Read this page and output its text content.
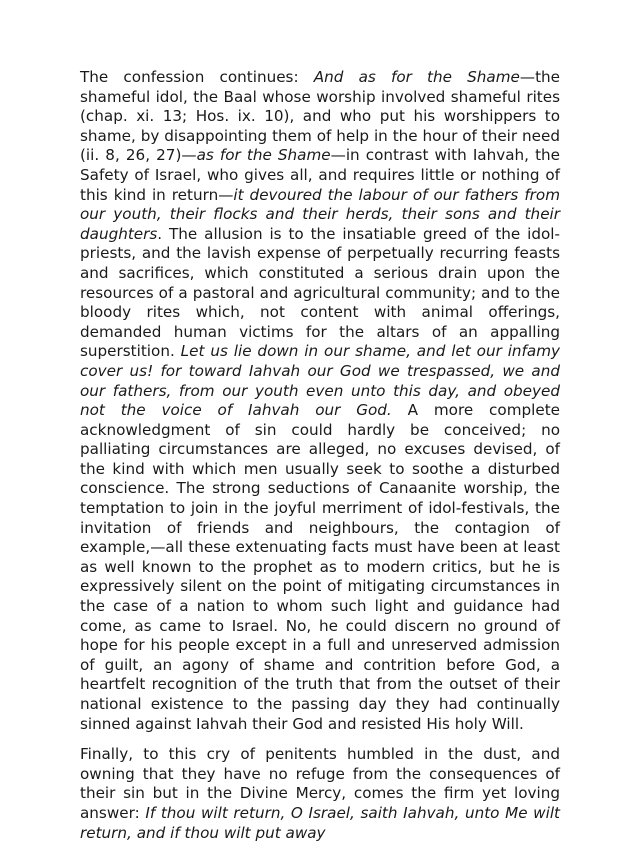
The confession continues: And as for the Shame—the shameful idol, the Baal whose worship involved shameful rites (chap. xi. 13; Hos. ix. 10), and who put his worshippers to shame, by disappointing them of help in the hour of their need (ii. 8, 26, 27)—as for the Shame—in contrast with Iahvah, the Safety of Israel, who gives all, and requires little or nothing of this kind in return—it devoured the labour of our fathers from our youth, their flocks and their herds, their sons and their daughters. The allusion is to the insatiable greed of the idol-priests, and the lavish expense of perpetually recurring feasts and sacrifices, which constituted a serious drain upon the resources of a pastoral and agricultural community; and to the bloody rites which, not content with animal offerings, demanded human victims for the altars of an appalling superstition. Let us lie down in our shame, and let our infamy cover us! for toward Iahvah our God we trespassed, we and our fathers, from our youth even unto this day, and obeyed not the voice of Iahvah our God. A more complete acknowledgment of sin could hardly be conceived; no palliating circumstances are alleged, no excuses devised, of the kind with which men usually seek to soothe a disturbed conscience. The strong seductions of Canaanite worship, the temptation to join in the joyful merriment of idol-festivals, the invitation of friends and neighbours, the contagion of example,—all these extenuating facts must have been at least as well known to the prophet as to modern critics, but he is expressively silent on the point of mitigating circumstances in the case of a nation to whom such light and guidance had come, as came to Israel. No, he could discern no ground of hope for his people except in a full and unreserved admission of guilt, an agony of shame and contrition before God, a heartfelt recognition of the truth that from the outset of their national existence to the passing day they had continually sinned against Iahvah their God and resisted His holy Will.

Finally, to this cry of penitents humbled in the dust, and owning that they have no refuge from the consequences of their sin but in the Divine Mercy, comes the firm yet loving answer: If thou wilt return, O Israel, saith Iahvah, unto Me wilt return, and if thou wilt put away
